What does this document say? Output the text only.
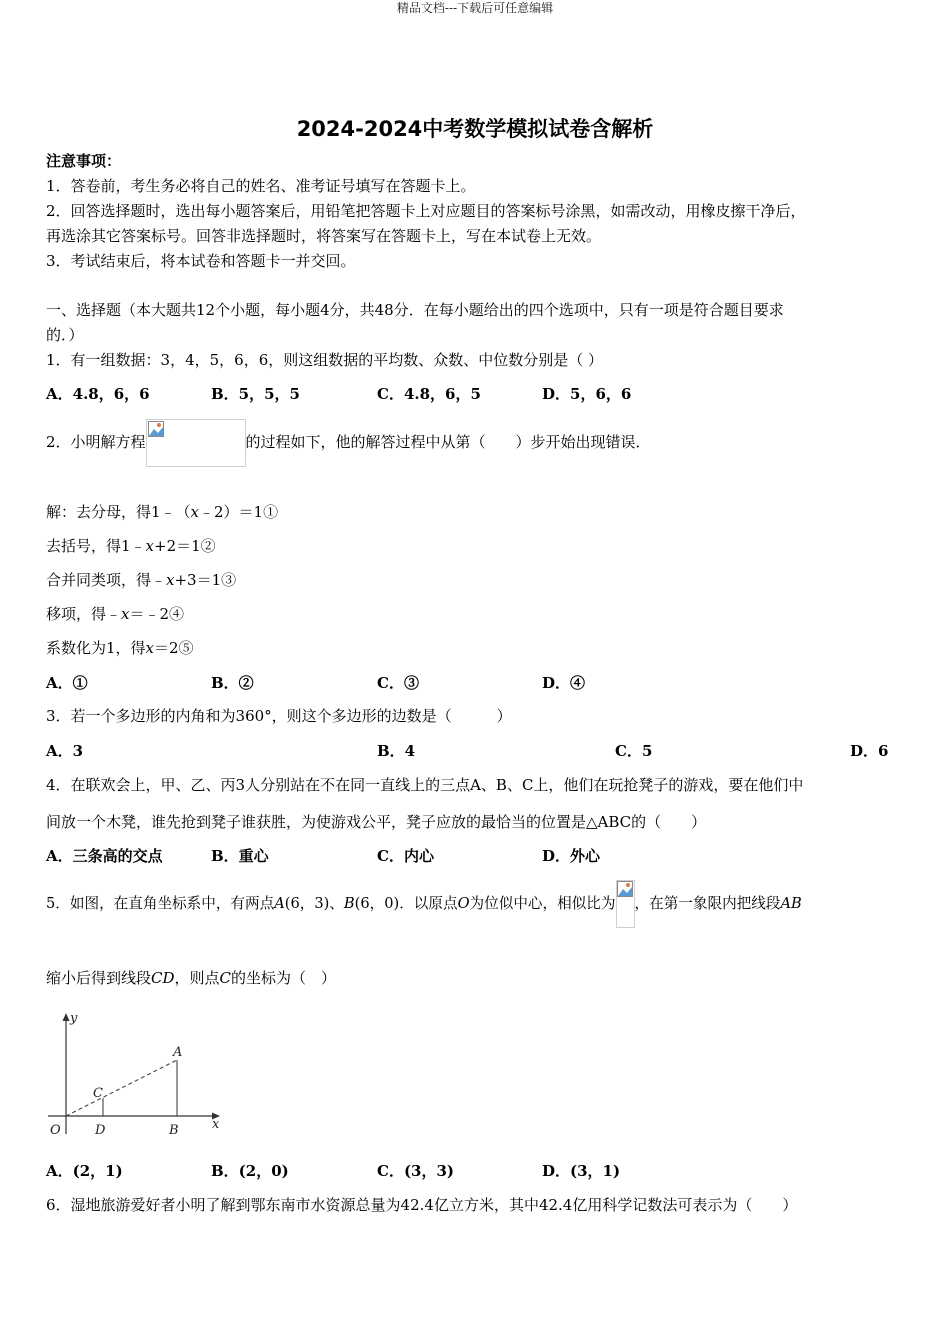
精品文档---下载后可任意编辑
2024-2024中考数学模拟试卷含解析
注意事项：
1．答卷前，考生务必将自己的姓名、准考证号填写在答题卡上。
2．回答选择题时，选出每小题答案后，用铅笔把答题卡上对应题目的答案标号涂黑，如需改动，用橡皮擦干净后，
再选涂其它答案标号。回答非选择题时，将答案写在答题卡上，写在本试卷上无效。
3．考试结束后，将本试卷和答题卡一并交回。
一、选择题（本大题共12个小题，每小题4分，共48分．在每小题给出的四个选项中，只有一项是符合题目要求
的．）
1．有一组数据：3，4，5，6，6，则这组数据的平均数、众数、中位数分别是（ ）
A．4.8，6，6	B．5，5，5	C．4.8，6，5	D．5，6，6
2．小明解方程	的过程如下，他的解答过程中从第（　　）步开始出现错误．
解：去分母，得1﹣（x﹣2）＝1①
去括号，得1﹣x+2＝1②
合并同类项，得﹣x+3＝1③
移项，得﹣x＝﹣2④
系数化为1，得x＝2⑤
A．①	B．②	C．③	D．④
3．若一个多边形的内角和为360°，则这个多边形的边数是（　　　）
A．3	B．4	C．5	D．6
4．在联欢会上，甲、乙、丙3人分别站在不在同一直线上的三点A、B、C上，他们在玩抢凳子的游戏，要在他们中
间放一个木凳，谁先抢到凳子谁获胜，为使游戏公平，凳子应放的最恰当的位置是△ABC的（　　）
A．三条高的交点	B．重心	C．内心	D．外心
5．如图，在直角坐标系中，有两点A(6，3)、B(6，0)．以原点O为位似中心，相似比为 ，在第一象限内把线段AB
缩小后得到线段CD，则点C的坐标为（　）
y
x
O
A
B
C
D
A．(2，1)	B．(2，0)	C．(3，3)	D．(3，1)
6．湿地旅游爱好者小明了解到鄂东南市水资源总量为42.4亿立方米，其中42.4亿用科学记数法可表示为（　　）
